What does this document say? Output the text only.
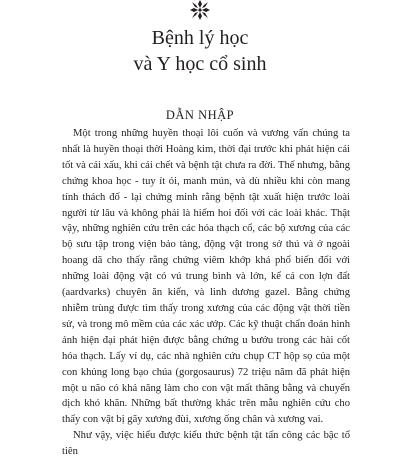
Bệnh lý học
và Y học cổ sinh
DẪN NHẬP

Một trong những huyền thoại lôi cuốn và vương vấn chúng ta nhất là huyền thoại thời Hoàng kim, thời đại trước khi phát hiện cái tốt và cái xấu, khi cái chết và bệnh tật chưa ra đời. Thế nhưng, bằng chứng khoa học - tuy ít ỏi, manh mún, và dù nhiều khi còn mang tính thách đố - lại chứng minh rằng bệnh tật xuất hiện trước loài người từ lâu và không phải là hiếm hoi đối với các loài khác. Thật vậy, những nghiên cứu trên các hóa thạch cổ, các bộ xương của các bộ sưu tập trong viện bảo tàng, động vật trong sở thú và ở ngoài hoang dã cho thấy rằng chứng viêm khớp khá phổ biến đối với những loài động vật có vú trung bình và lớn, kể cả con lợn đất (aardvarks) chuyên ăn kiến, và linh dương gazel. Bằng chứng nhiễm trùng được tìm thấy trong xương của các động vật thời tiền sử, và trong mô mềm của các xác ướp. Các kỹ thuật chẩn đoán hình ảnh hiện đại phát hiện được bằng chứng u bướu trong các hài cốt hóa thạch. Lấy ví dụ, các nhà nghiên cứu chụp CT hộp sọ của một con khủng long bạo chúa (gorgosaurus) 72 triệu năm đã phát hiện một u não có khả năng làm cho con vật mất thăng bằng và chuyển dịch khó khăn. Những bất thường khác trên mẫu nghiên cứu cho thấy con vật bị gãy xương đùi, xương ống chân và xương vai.

Như vậy, việc hiểu được kiểu thức bệnh tật tấn công các bậc tổ tiên
